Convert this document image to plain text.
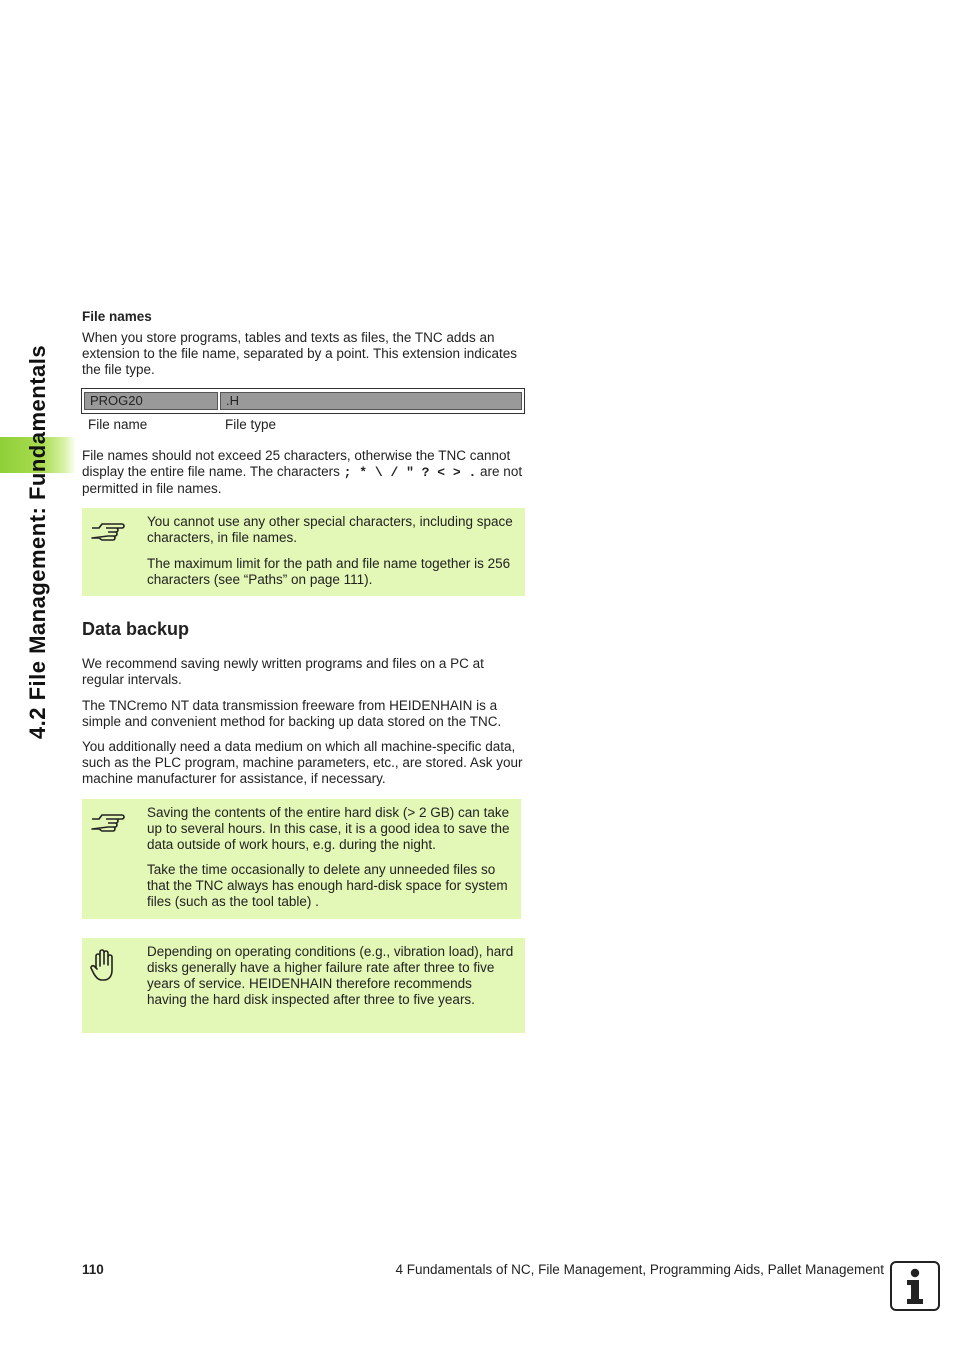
4.2 File Management: Fundamentals
File names

When you store programs, tables and texts as files, the TNC adds an extension to the file name, separated by a point. This extension indicates the file type.

PROG20	.H
File name	File type

File names should not exceed 25 characters, otherwise the TNC cannot display the entire file name. The characters ; * \ / " ? < > . are not permitted in file names.

You cannot use any other special characters, including space characters, in file names.

The maximum limit for the path and file name together is 256 characters (see “Paths” on page 111).

Data backup

We recommend saving newly written programs and files on a PC at regular intervals.

The TNCremo NT data transmission freeware from HEIDENHAIN is a simple and convenient method for backing up data stored on the TNC.

You additionally need a data medium on which all machine-specific data, such as the PLC program, machine parameters, etc., are stored. Ask your machine manufacturer for assistance, if necessary.

Saving the contents of the entire hard disk (> 2 GB) can take up to several hours. In this case, it is a good idea to save the data outside of work hours, e.g. during the night.

Take the time occasionally to delete any unneeded files so that the TNC always has enough hard-disk space for system files (such as the tool table) .

Depending on operating conditions (e.g., vibration load), hard disks generally have a higher failure rate after three to five years of service. HEIDENHAIN therefore recommends having the hard disk inspected after three to five years.

110	4 Fundamentals of NC, File Management, Programming Aids, Pallet Management
